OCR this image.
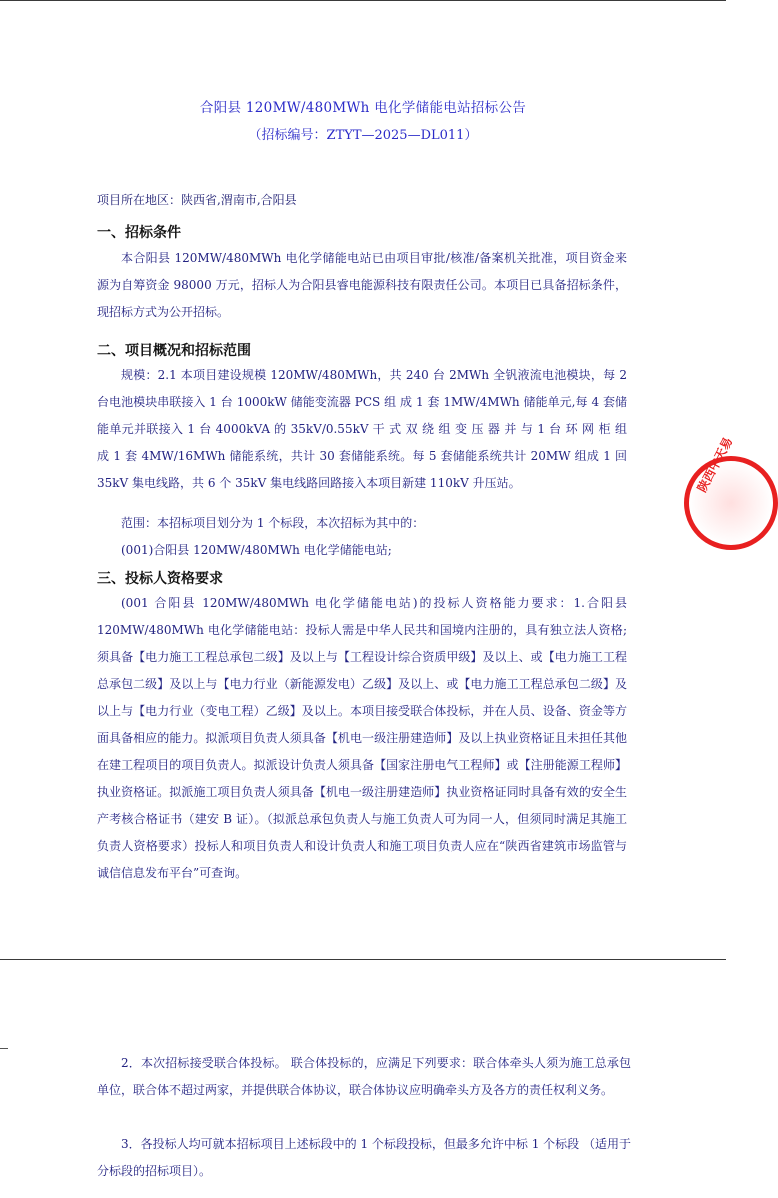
合阳县 120MW/480MWh 电化学储能电站招标公告
（招标编号：ZTYT—2025—DL011）
项目所在地区：陕西省,渭南市,合阳县
一、招标条件

本合阳县 120MW/480MWh 电化学储能电站已由项目审批/核准/备案机关批准，项目资金来源为自筹资金 98000 万元，招标人为合阳县睿电能源科技有限责任公司。本项目已具备招标条件，现招标方式为公开招标。

二、项目概况和招标范围

规模：2.1 本项目建设规模 120MW/480MWh，共 240 台 2MWh 全钒液流电池模块，每 2 台电池模块串联接入 1 台 1000kW 储能变流器 PCS 组 成 1 套 1MW/4MWh 储能单元,每 4 套储能单元并联接入 1 台 4000kVA 的 35kV/0.55kV 干 式 双 绕 组 变 压 器 并 与 1 台 环 网 柜 组 成 1 套 4MW/16MWh 储能系统，共计 30 套储能系统。每 5 套储能系统共计 20MW 组成 1 回 35kV 集电线路，共 6 个 35kV 集电线路回路接入本项目新建 110kV 升压站。

范围：本招标项目划分为 1 个标段，本次招标为其中的：
(001)合阳县 120MW/480MWh 电化学储能电站;
三、投标人资格要求

(001 合阳县 120MW/480MWh 电化学储能电站)的投标人资格能力要求：1.合阳县 120MW/480MWh 电化学储能电站：投标人需是中华人民共和国境内注册的，具有独立法人资格;须具备【电力施工工程总承包二级】及以上与【工程设计综合资质甲级】及以上、或【电力施工工程总承包二级】及以上与【电力行业（新能源发电）乙级】及以上、或【电力施工工程总承包二级】及以上与【电力行业（变电工程）乙级】及以上。本项目接受联合体投标，并在人员、设备、资金等方面具备相应的能力。拟派项目负责人须具备【机电一级注册建造师】及以上执业资格证且未担任其他在建工程项目的项目负责人。拟派设计负责人须具备【国家注册电气工程师】或【注册能源工程师】执业资格证。拟派施工项目负责人须具备【机电一级注册建造师】执业资格证同时具备有效的安全生产考核合格证书（建安 B 证）。（拟派总承包负责人与施工负责人可为同一人，但须同时满足其施工负责人资格要求）投标人和项目负责人和设计负责人和施工项目负责人应在“陕西省建筑市场监管与诚信信息发布平台”可查询。

陕西中天易

2．本次招标接受联合体投标。 联合体投标的，应满足下列要求：联合体牵头人须为施工总承包单位，联合体不超过两家，并提供联合体协议，联合体协议应明确牵头方及各方的责任权利义务。

3．各投标人均可就本招标项目上述标段中的 1 个标段投标，但最多允许中标 1 个标段 （适用于分标段的招标项目）。
